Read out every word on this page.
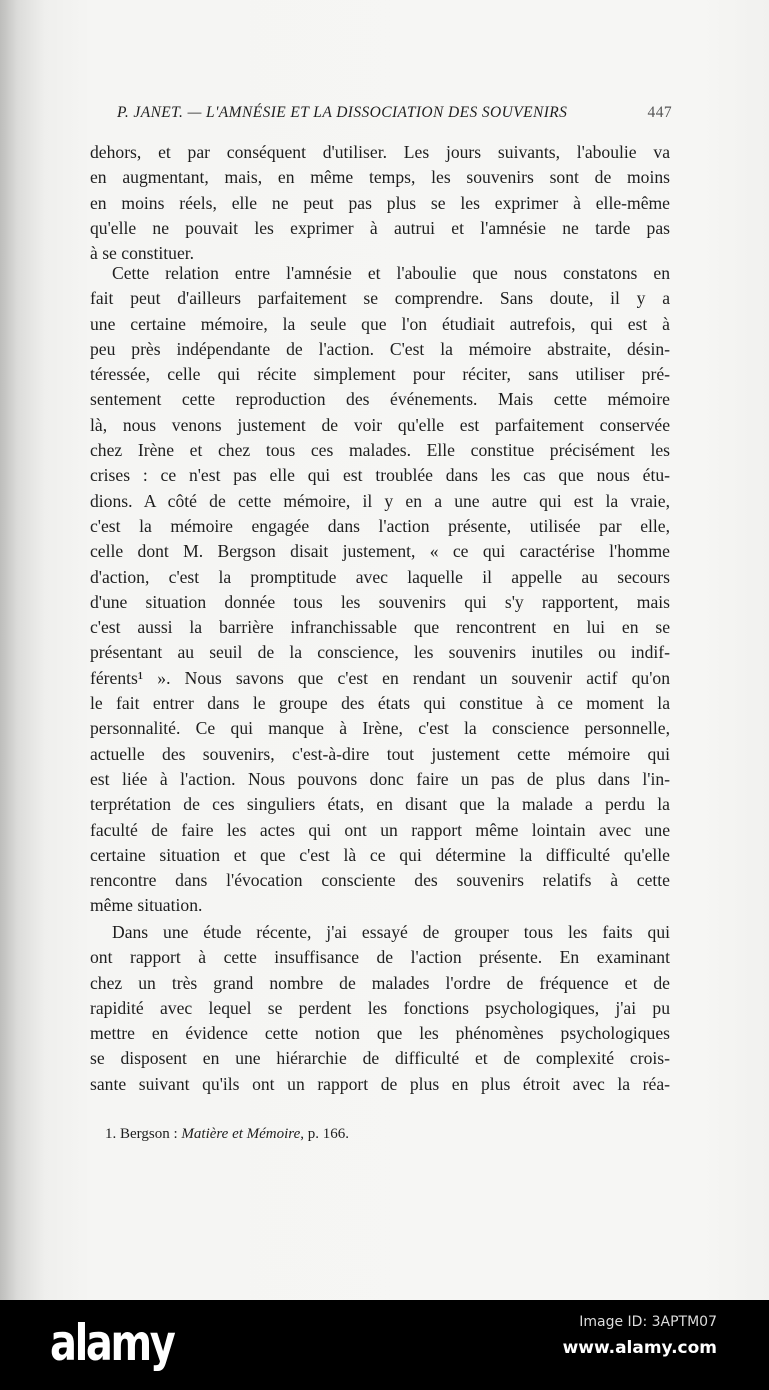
P. JANET. — L'AMNÉSIE ET LA DISSOCIATION DES SOUVENIRS	447
dehors, et par conséquent d'utiliser. Les jours suivants, l'aboulie va
en augmentant, mais, en même temps, les souvenirs sont de moins
en moins réels, elle ne peut pas plus se les exprimer à elle-même
qu'elle ne pouvait les exprimer à autrui et l'amnésie ne tarde pas
à se constituer.
Cette relation entre l'amnésie et l'aboulie que nous constatons en
fait peut d'ailleurs parfaitement se comprendre. Sans doute, il y a
une certaine mémoire, la seule que l'on étudiait autrefois, qui est à
peu près indépendante de l'action. C'est la mémoire abstraite, désin-
téressée, celle qui récite simplement pour réciter, sans utiliser pré-
sentement cette reproduction des événements. Mais cette mémoire
là, nous venons justement de voir qu'elle est parfaitement conservée
chez Irène et chez tous ces malades. Elle constitue précisément les
crises : ce n'est pas elle qui est troublée dans les cas que nous étu-
dions. A côté de cette mémoire, il y en a une autre qui est la vraie,
c'est la mémoire engagée dans l'action présente, utilisée par elle,
celle dont M. Bergson disait justement, « ce qui caractérise l'homme
d'action, c'est la promptitude avec laquelle il appelle au secours
d'une situation donnée tous les souvenirs qui s'y rapportent, mais
c'est aussi la barrière infranchissable que rencontrent en lui en se
présentant au seuil de la conscience, les souvenirs inutiles ou indif-
férents¹ ». Nous savons que c'est en rendant un souvenir actif qu'on
le fait entrer dans le groupe des états qui constitue à ce moment la
personnalité. Ce qui manque à Irène, c'est la conscience personnelle,
actuelle des souvenirs, c'est-à-dire tout justement cette mémoire qui
est liée à l'action. Nous pouvons donc faire un pas de plus dans l'in-
terprétation de ces singuliers états, en disant que la malade a perdu la
faculté de faire les actes qui ont un rapport même lointain avec une
certaine situation et que c'est là ce qui détermine la difficulté qu'elle
rencontre dans l'évocation consciente des souvenirs relatifs à cette
même situation.
Dans une étude récente, j'ai essayé de grouper tous les faits qui
ont rapport à cette insuffisance de l'action présente. En examinant
chez un très grand nombre de malades l'ordre de fréquence et de
rapidité avec lequel se perdent les fonctions psychologiques, j'ai pu
mettre en évidence cette notion que les phénomènes psychologiques
se disposent en une hiérarchie de difficulté et de complexité crois-
sante suivant qu'ils ont un rapport de plus en plus étroit avec la réa-
1. Bergson : Matière et Mémoire, p. 166.
alamy	Image ID: 3APTM07
www.alamy.com
